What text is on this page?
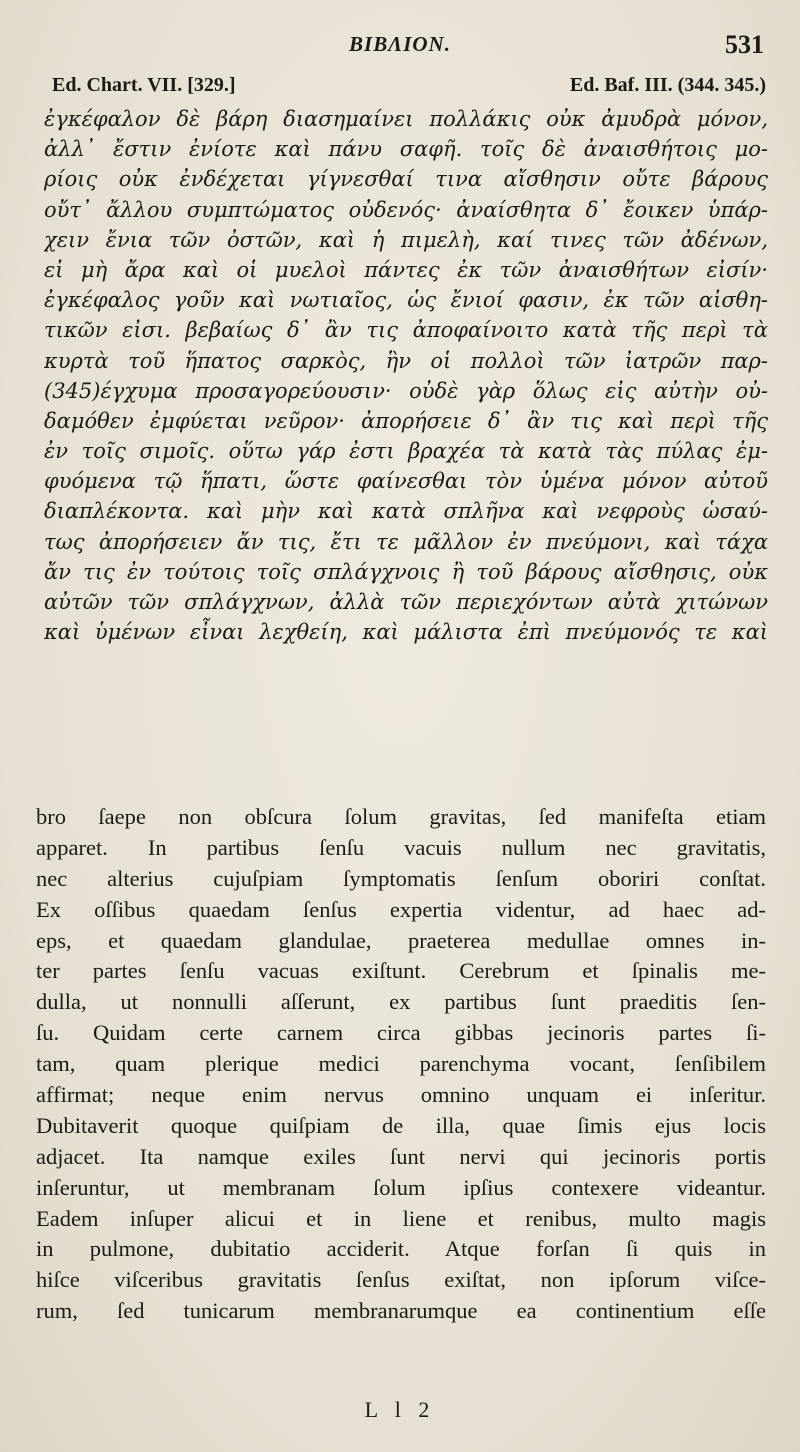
BIBΛΙΟΝ.	531
Ed. Chart. VII. [329.]	Ed. Baf. III. (344. 345.)
ἐγκέφαλον δὲ βάρη διασημαίνει πολλάκις οὐκ ἀμυδρὰ μόνον,
ἀλλ᾽ ἔστιν ἐνίοτε καὶ πάνυ σαφῆ. τοῖς δὲ ἀναισθήτοις μο-
ρίοις οὐκ ἐνδέχεται γίγνεσθαί τινα αἴσθησιν οὔτε βάρους
οὔτ᾽ ἄλλου συμπτώματος οὐδενός· ἀναίσθητα δ᾽ ἔοικεν ὑπάρ-
χειν ἔνια τῶν ὀστῶν, καὶ ἡ πιμελὴ, καί τινες τῶν ἀδένων,
εἰ μὴ ἄρα καὶ οἱ μυελοὶ πάντες ἐκ τῶν ἀναισθήτων εἰσίν·
ἐγκέφαλος γοῦν καὶ νωτιαῖος, ὡς ἔνιοί φασιν, ἐκ τῶν αἰσθη-
τικῶν εἰσι. βεβαίως δ᾽ ἂν τις ἀποφαίνοιτο κατὰ τῆς περὶ τὰ
κυρτὰ τοῦ ἥπατος σαρκὸς, ἣν οἱ πολλοὶ τῶν ἰατρῶν παρ-
(345)έγχυμα προσαγορεύουσιν· οὐδὲ γὰρ ὅλως εἰς αὐτὴν οὐ-
δαμόθεν ἐμφύεται νεῦρον· ἀπορήσειε δ᾽ ἂν τις καὶ περὶ τῆς
ἐν τοῖς σιμοῖς. οὕτω γάρ ἐστι βραχέα τὰ κατὰ τὰς πύλας ἐμ-
φυόμενα τῷ ἥπατι, ὥστε φαίνεσθαι τὸν ὑμένα μόνον αὐτοῦ
διαπλέκοντα. καὶ μὴν καὶ κατὰ σπλῆνα καὶ νεφροὺς ὡσαύ-
τως ἀπορήσειεν ἄν τις, ἔτι τε μᾶλλον ἐν πνεύμονι, καὶ τάχα
ἄν τις ἐν τούτοις τοῖς σπλάγχνοις ἢ τοῦ βάρους αἴσθησις, οὐκ
αὐτῶν τῶν σπλάγχνων, ἀλλὰ τῶν περιεχόντων αὐτὰ χιτώνων
καὶ ὑμένων εἶναι λεχθείη, καὶ μάλιστα ἐπὶ πνεύμονός τε καὶ
bro ſaepe non obſcura ſolum gravitas, ſed manifeſta etiam
apparet. In partibus ſenſu vacuis nullum nec gravitatis,
nec alterius cujuſpiam ſymptomatis ſenſum oboriri conſtat.
Ex oſſibus quaedam ſenſus expertia videntur, ad haec ad-
eps, et quaedam glandulae, praeterea medullae omnes in-
ter partes ſenſu vacuas exiſtunt. Cerebrum et ſpinalis me-
dulla, ut nonnulli aſſerunt, ex partibus ſunt praeditis ſen-
ſu. Quidam certe carnem circa gibbas jecinoris partes ſi-
tam, quam plerique medici parenchyma vocant, ſenſibilem
affirmat; neque enim nervus omnino unquam ei inſeritur.
Dubitaverit quoque quiſpiam de illa, quae ſimis ejus locis
adjacet. Ita namque exiles ſunt nervi qui jecinoris portis
inſeruntur, ut membranam ſolum ipſius contexere videantur.
Eadem inſuper alicui et in liene et renibus, multo magis
in pulmone, dubitatio acciderit. Atque forſan ſi quis in
hiſce viſceribus gravitatis ſenſus exiſtat, non ipſorum viſce-
rum, ſed tunicarum membranarumque ea continentium eſſe
L l 2
